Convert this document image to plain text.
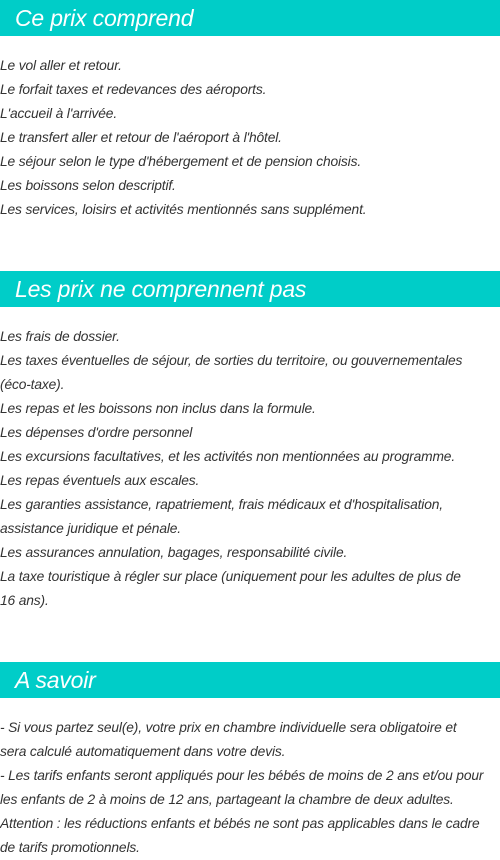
Ce prix comprend
Le vol aller et retour.
Le forfait taxes et redevances des aéroports.
L'accueil à l'arrivée.
Le transfert aller et retour de l'aéroport à l'hôtel.
Le séjour selon le type d'hébergement et de pension choisis.
Les boissons selon descriptif.
Les services, loisirs et activités mentionnés sans supplément.
Les prix ne comprennent pas
Les frais de dossier.
Les taxes éventuelles de séjour, de sorties du territoire, ou gouvernementales
(éco-taxe).
Les repas et les boissons non inclus dans la formule.
Les dépenses d'ordre personnel
Les excursions facultatives, et les activités non mentionnées au programme.
Les repas éventuels aux escales.
Les garanties assistance, rapatriement, frais médicaux et d'hospitalisation,
assistance juridique et pénale.
Les assurances annulation, bagages, responsabilité civile.
La taxe touristique à régler sur place (uniquement pour les adultes de plus de
16 ans).
A savoir
- Si vous partez seul(e), votre prix en chambre individuelle sera obligatoire et
sera calculé automatiquement dans votre devis.
- Les tarifs enfants seront appliqués pour les bébés de moins de 2 ans et/ou pour
les enfants de 2 à moins de 12 ans, partageant la chambre de deux adultes.
Attention : les réductions enfants et bébés ne sont pas applicables dans le cadre
de tarifs promotionnels.
